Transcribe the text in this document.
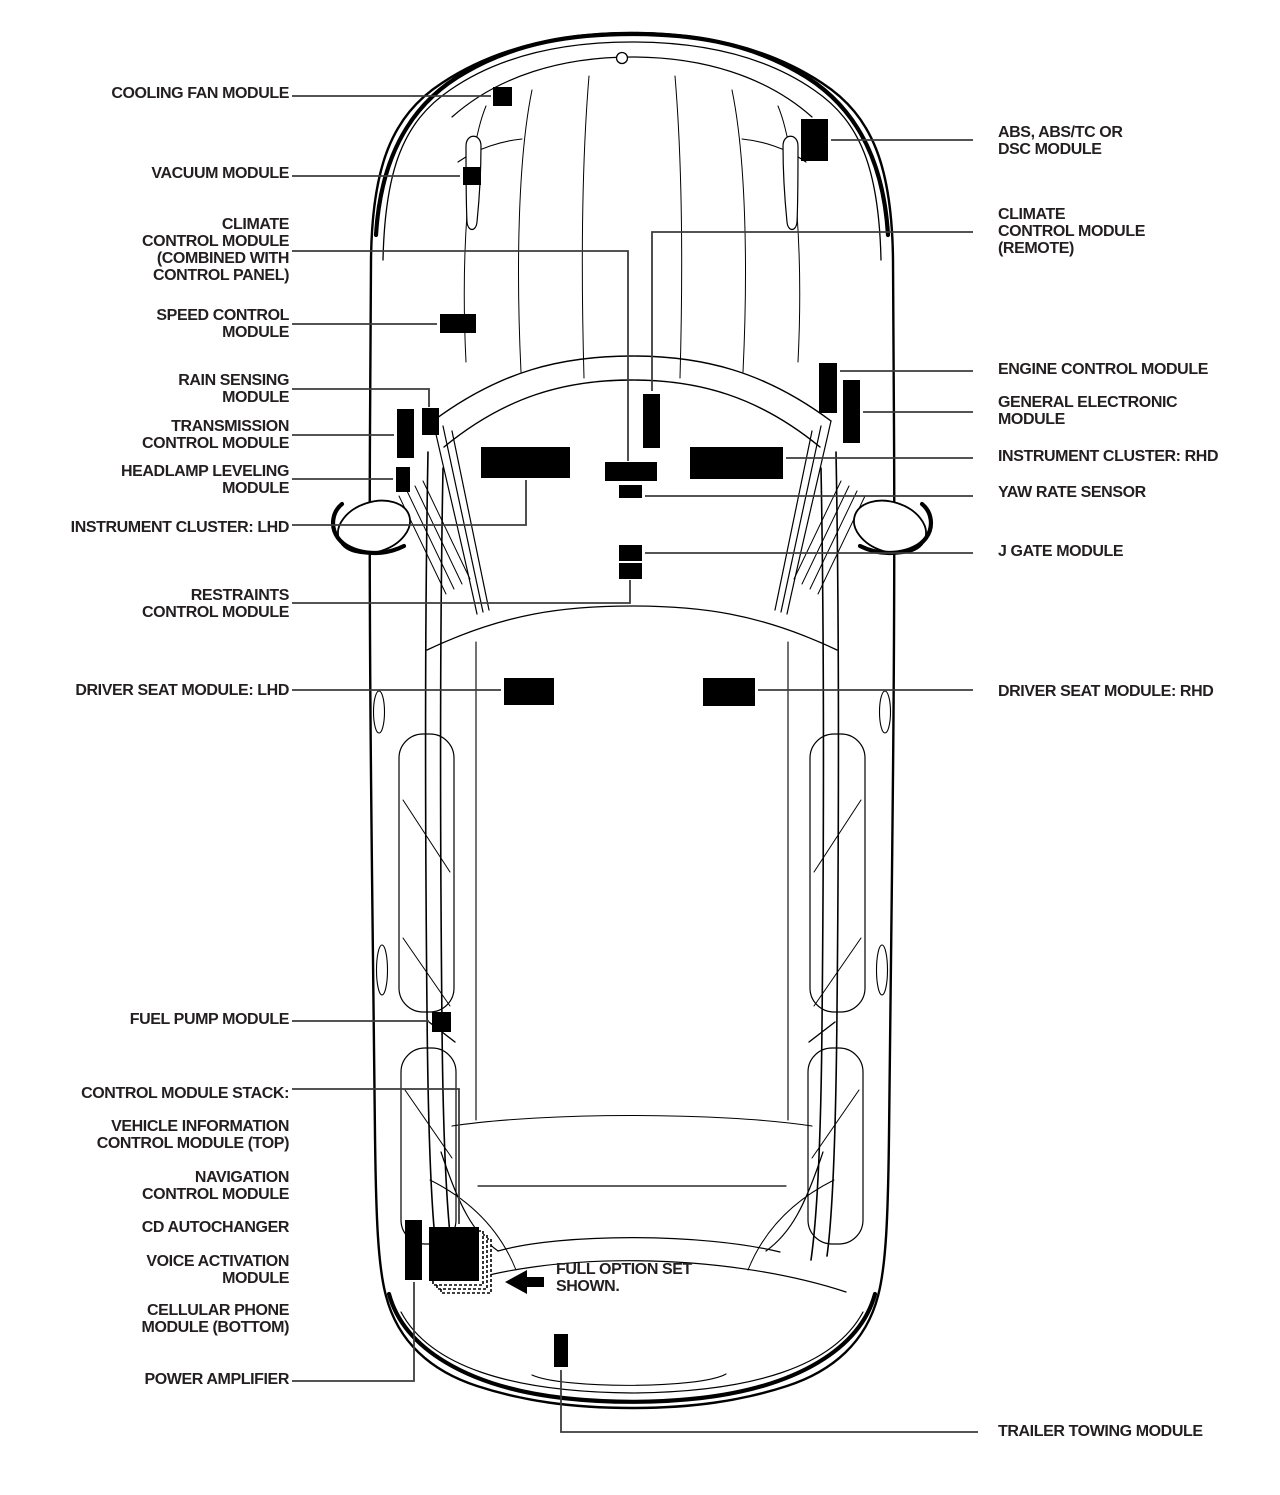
COOLING FAN MODULE
VACUUM MODULE
CLIMATE
CONTROL MODULE
(COMBINED WITH
CONTROL PANEL)
SPEED CONTROL
MODULE
RAIN SENSING
MODULE
TRANSMISSION
CONTROL MODULE
HEADLAMP LEVELING
MODULE
INSTRUMENT CLUSTER: LHD
RESTRAINTS
CONTROL MODULE
DRIVER SEAT MODULE: LHD
FUEL PUMP MODULE
CONTROL MODULE STACK:
VEHICLE INFORMATION
CONTROL MODULE (TOP)
NAVIGATION
CONTROL MODULE
CD AUTOCHANGER
VOICE ACTIVATION
MODULE
CELLULAR PHONE
MODULE (BOTTOM)
POWER AMPLIFIER
ABS, ABS/TC OR
DSC MODULE
CLIMATE
CONTROL MODULE
(REMOTE)
ENGINE CONTROL MODULE
GENERAL ELECTRONIC
MODULE
INSTRUMENT CLUSTER: RHD
YAW RATE SENSOR
J GATE MODULE
DRIVER SEAT MODULE: RHD
TRAILER TOWING MODULE
FULL OPTION SET
SHOWN.
